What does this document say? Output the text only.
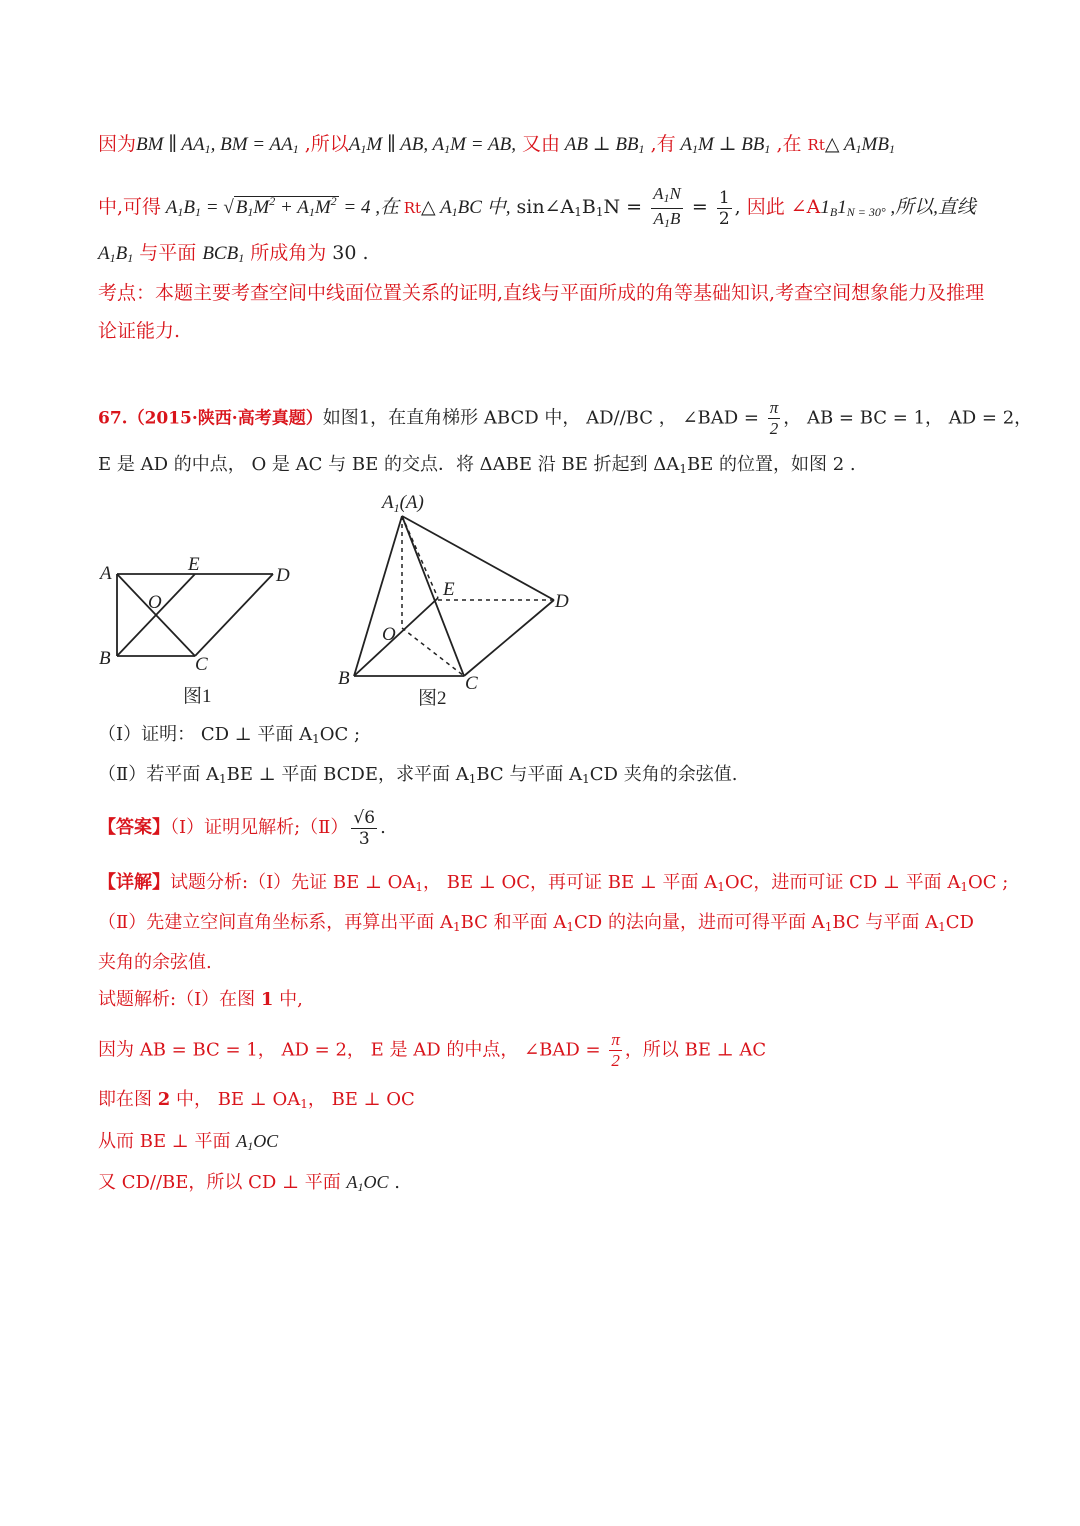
因为BM ∥ $AA_1$, BM = $AA_1$ ,所以$A_1M$ ∥ AB, $A_1M$ = AB, 又由 AB ⊥ $BB_1$ ,有 $A_1M$ ⊥ $BB_1$ ,在 Rt△ $A_1MB_1$
中,可得 $A_1B_1$ = √ $B_1M^2 + A_1M^2 = 4$ ,在 Rt△ $A_1BC$ 中, $\sin\angle A_1B_1N = \frac{A_1N}{A_1B} = \frac{1}{2}$ , 因此 $\angle A1_B1_{N = 30^\circ}$ ,所以,直线
$A_1B_1$ 与平面 $BCB_1$ 所成角为 30 .
考点：本题主要考查空间中线面位置关系的证明,直线与平面所成的角等基础知识,考查空间想象能力及推理
论证能力.
67.（2015·陕西·高考真题）如图1，在直角梯形 ABCD 中， AD//BC ， ∠BAD = $\frac{\pi}{2}$ ， AB = BC = 1， AD = 2，
E 是 AD 的中点， O 是 AC 与 BE 的交点．将 ΔABE 沿 BE 折起到 $\Delta A_1BE$ 的位置，如图 2 .
A	E
D
O
B	C
图1
$A_1(A)$
E
D
O
B	C
图2
（Ⅰ）证明： CD ⊥ 平面 $A_1OC$ ;
（Ⅱ）若平面 $A_1BE$ ⊥ 平面 BCDE，求平面 $A_1BC$ 与平面 $A_1CD$ 夹角的余弦值.
【答案】（Ⅰ）证明见解析;（Ⅱ） $\frac{√6}{3}$ .
【详解】试题分析:（Ⅰ）先证 BE ⊥ $OA_1$， BE ⊥ OC，再可证 BE ⊥ 平面 $A_1OC$，进而可证 CD ⊥ 平面 $A_1OC$ ;
（Ⅱ）先建立空间直角坐标系，再算出平面 $A_1BC$ 和平面 $A_1CD$ 的法向量，进而可得平面 $A_1BC$ 与平面 $A_1CD$
夹角的余弦值.
试题解析:（Ⅰ）在图 1 中,
因为 AB = BC = 1， AD = 2， E 是 AD 的中点， ∠BAD = $\frac{\pi}{2}$ ，所以 BE ⊥ AC
即在图 2 中， BE ⊥ $OA_1$， BE ⊥ OC
从而 BE ⊥ 平面 $A_1OC$
又 CD//BE，所以 CD ⊥ 平面 $A_1OC$ .
